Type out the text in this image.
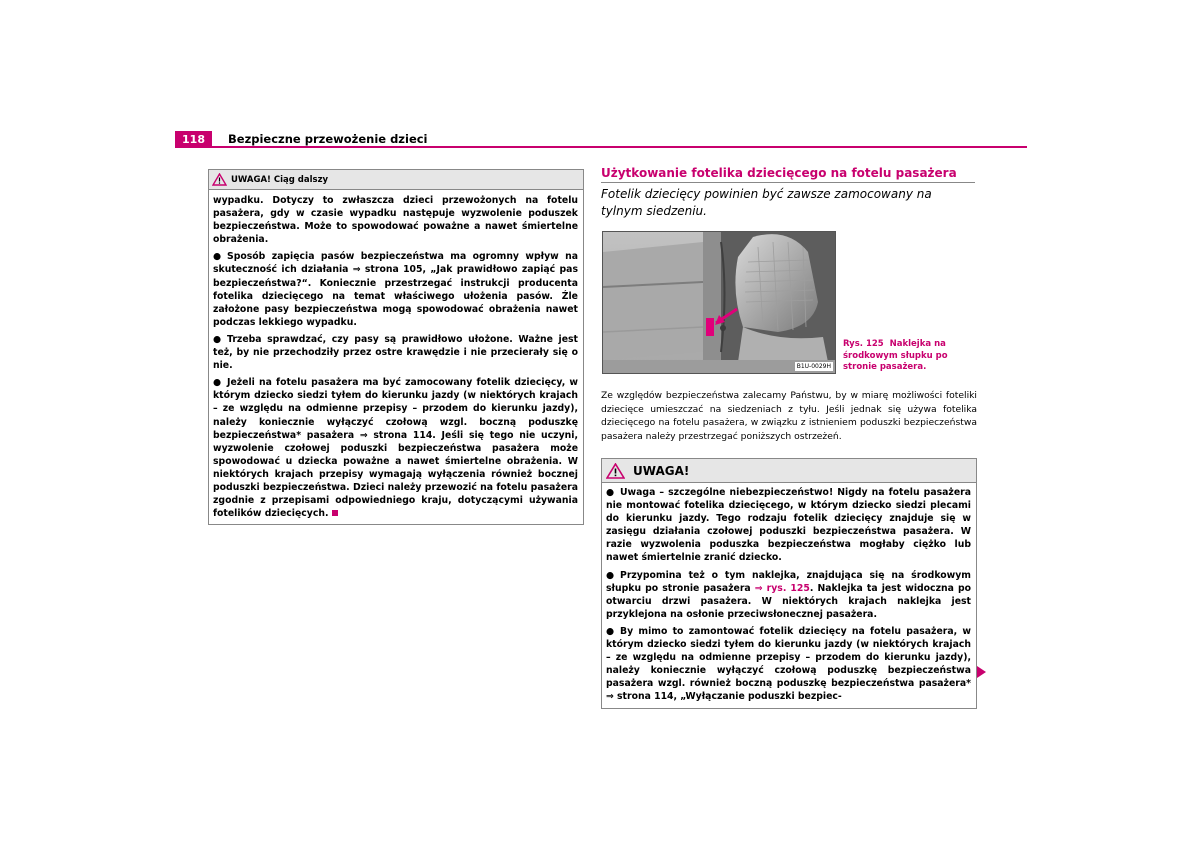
118	Bezpieczne przewożenie dzieci
UWAGA! Ciąg dalszy

wypadku. Dotyczy to zwłaszcza dzieci przewożonych na fotelu pasażera, gdy w czasie wypadku następuje wyzwolenie poduszek bezpieczeństwa. Może to spowodować poważne a nawet śmiertelne obrażenia.

● Sposób zapięcia pasów bezpieczeństwa ma ogromny wpływ na skuteczność ich działania ⇒ strona 105, „Jak prawidłowo zapiąć pas bezpieczeństwa?“. Koniecznie przestrzegać instrukcji producenta fotelika dziecięcego na temat właściwego ułożenia pasów. Źle założone pasy bezpieczeństwa mogą spowodować obrażenia nawet podczas lekkiego wypadku.

● Trzeba sprawdzać, czy pasy są prawidłowo ułożone. Ważne jest też, by nie przechodziły przez ostre krawędzie i nie przecierały się o nie.

● Jeżeli na fotelu pasażera ma być zamocowany fotelik dziecięcy, w którym dziecko siedzi tyłem do kierunku jazdy (w niektórych krajach – ze względu na odmienne przepisy – przodem do kierunku jazdy), należy koniecznie wyłączyć czołową wzgl. boczną poduszkę bezpieczeństwa* pasażera ⇒ strona 114. Jeśli się tego nie uczyni, wyzwolenie czołowej poduszki bezpieczeństwa pasażera może spowodować u dziecka poważne a nawet śmiertelne obrażenia. W niektórych krajach przepisy wymagają wyłączenia również bocznej poduszki bezpieczeństwa. Dzieci należy przewozić na fotelu pasażera zgodnie z przepisami odpowiedniego kraju, dotyczącymi używania fotelików dziecięcych.

Użytkowanie fotelika dziecięcego na fotelu pasażera
Fotelik dziecięcy powinien być zawsze zamocowany na tylnym siedzeniu.
B1U-0029H
Rys. 125 Naklejka na środkowym słupku po stronie pasażera.
Ze względów bezpieczeństwa zalecamy Państwu, by w miarę możliwości foteliki dziecięce umieszczać na siedzeniach z tyłu. Jeśli jednak się używa fotelika dziecięcego na fotelu pasażera, w związku z istnieniem poduszki bezpieczeństwa pasażera należy przestrzegać poniższych ostrzeżeń.
UWAGA!

● Uwaga – szczególne niebezpieczeństwo! Nigdy na fotelu pasażera nie montować fotelika dziecięcego, w którym dziecko siedzi plecami do kierunku jazdy. Tego rodzaju fotelik dziecięcy znajduje się w zasięgu działania czołowej poduszki bezpieczeństwa pasażera. W razie wyzwolenia poduszka bezpieczeństwa mogłaby ciężko lub nawet śmiertelnie zranić dziecko.

● Przypomina też o tym naklejka, znajdująca się na środkowym słupku po stronie pasażera ⇒ rys. 125. Naklejka ta jest widoczna po otwarciu drzwi pasażera. W niektórych krajach naklejka jest przyklejona na osłonie przeciwsłonecznej pasażera.

● By mimo to zamontować fotelik dziecięcy na fotelu pasażera, w którym dziecko siedzi tyłem do kierunku jazdy (w niektórych krajach – ze względu na odmienne przepisy – przodem do kierunku jazdy), należy koniecznie wyłączyć czołową poduszkę bezpieczeństwa pasażera wzgl. również boczną poduszkę bezpieczeństwa pasażera* ⇒ strona 114, „Wyłączanie poduszki bezpiec-
